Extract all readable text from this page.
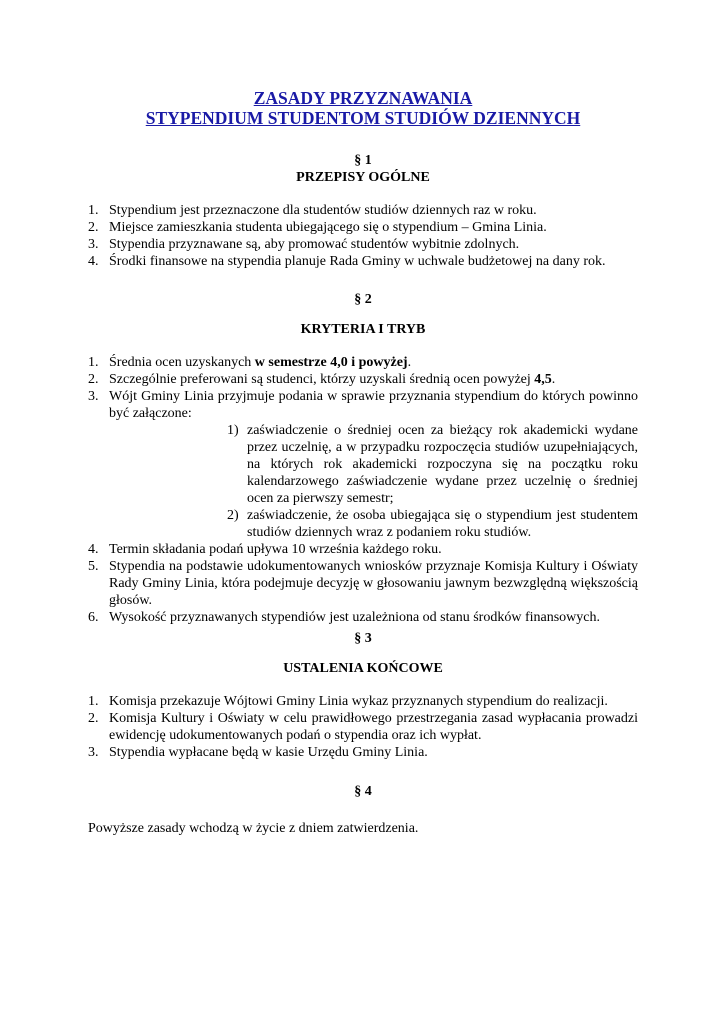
ZASADY PRZYZNAWANIA

STYPENDIUM STUDENTOM STUDIÓW DZIENNYCH

§ 1

PRZEPISY OGÓLNE

1. Stypendium jest przeznaczone dla studentów studiów dziennych raz w roku.
2. Miejsce zamieszkania studenta ubiegającego się o stypendium – Gmina Linia.
3. Stypendia przyznawane są, aby promować studentów wybitnie zdolnych.
4. Środki finansowe na stypendia planuje Rada Gminy w uchwale budżetowej na dany rok.

§ 2

KRYTERIA I TRYB

1. Średnia ocen uzyskanych w semestrze 4,0 i powyżej.
2. Szczególnie preferowani są studenci, którzy uzyskali średnią ocen powyżej 4,5.
3. Wójt Gminy Linia przyjmuje podania w sprawie przyznania stypendium do których powinno być załączone:
1) zaświadczenie o średniej ocen za bieżący rok akademicki wydane przez uczelnię, a w przypadku rozpoczęcia studiów uzupełniających, na których rok akademicki rozpoczyna się na początku roku kalendarzowego zaświadczenie wydane przez uczelnię o średniej ocen za pierwszy semestr;
2) zaświadczenie, że osoba ubiegająca się o stypendium jest studentem studiów dziennych wraz z podaniem roku studiów.
4. Termin składania podań upływa 10 września każdego roku.
5. Stypendia na podstawie udokumentowanych wniosków przyznaje Komisja Kultury i Oświaty Rady Gminy Linia, która podejmuje decyzję w głosowaniu jawnym bezwzględną większością głosów.
6. Wysokość przyznawanych stypendiów jest uzależniona od stanu środków finansowych.

§ 3

USTALENIA KOŃCOWE

1. Komisja przekazuje Wójtowi Gminy Linia wykaz przyznanych stypendium do realizacji.
2. Komisja Kultury i Oświaty w celu prawidłowego przestrzegania zasad wypłacania prowadzi ewidencję udokumentowanych podań o stypendia oraz ich wypłat.
3. Stypendia wypłacane będą w kasie Urzędu Gminy Linia.

§ 4

Powyższe zasady wchodzą w życie z dniem zatwierdzenia.
